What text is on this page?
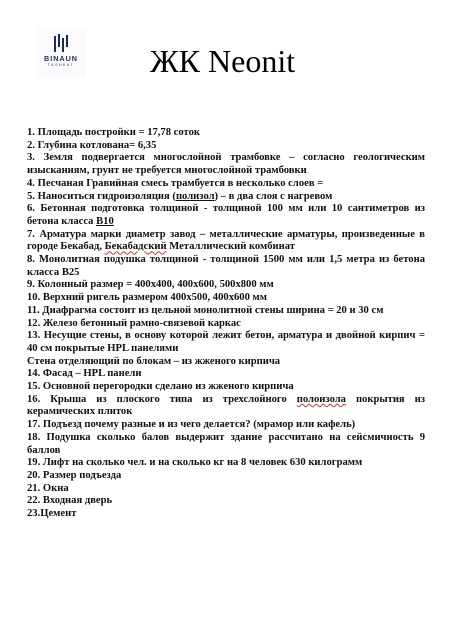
BINAUN
TASHKAT	ЖК Neonit
1. Площадь постройки = 17,78 соток
2. Глубина котлована= 6,35
3. Земля подвергается многослойной трамбовке – согласно геологическим изысканиям, грунт не требуется многослойной трамбовки
4. Песчаная Гравийная смесь трамбуется в несколько слоев =
5. Наноситься гидроизоляция (полизол) – в два слоя с нагревом
6. Бетонная подготовка толщиной - толщиной 100 мм или 10 сантиметров из бетона класса В10
7. Арматура марки диаметр завод – металлические арматуры, произведенные в городе Бекабад, Бекабадский Металлический комбинат
8. Монолитная подушка толщиной - толщиной 1500 мм или 1,5 метра из бетона класса В25
9. Колонный размер = 400х400, 400х600, 500х800 мм
10. Верхний ригель размером 400х500, 400х600 мм
11. Диафрагма состоит из цельной монолитной стены ширина = 20 и 30 см
12. Железо бетонный рамно-связевой каркас
13. Несущие стены, в основу которой лежит бетон, арматура и двойной кирпич = 40 см покрытые HPL панелями
Стена отделяющий по блокам – из жженого кирпича
14. Фасад – HPL панели
15. Основной перегородки сделано из жженого кирпича
16. Крыша из плоского типа из трехслойного полоизола покрытия из керамических плиток
17. Подъезд почему разные и из чего делается? (мрамор или кафель)
18. Подушка сколько балов выдержит здание рассчитано на сейсмичность 9 баллов
19. Лифт на сколько чел. и на сколько кг на 8 человек 630 килограмм
20. Размер подъезда
21. Окна
22. Входная дверь
23.Цемент
